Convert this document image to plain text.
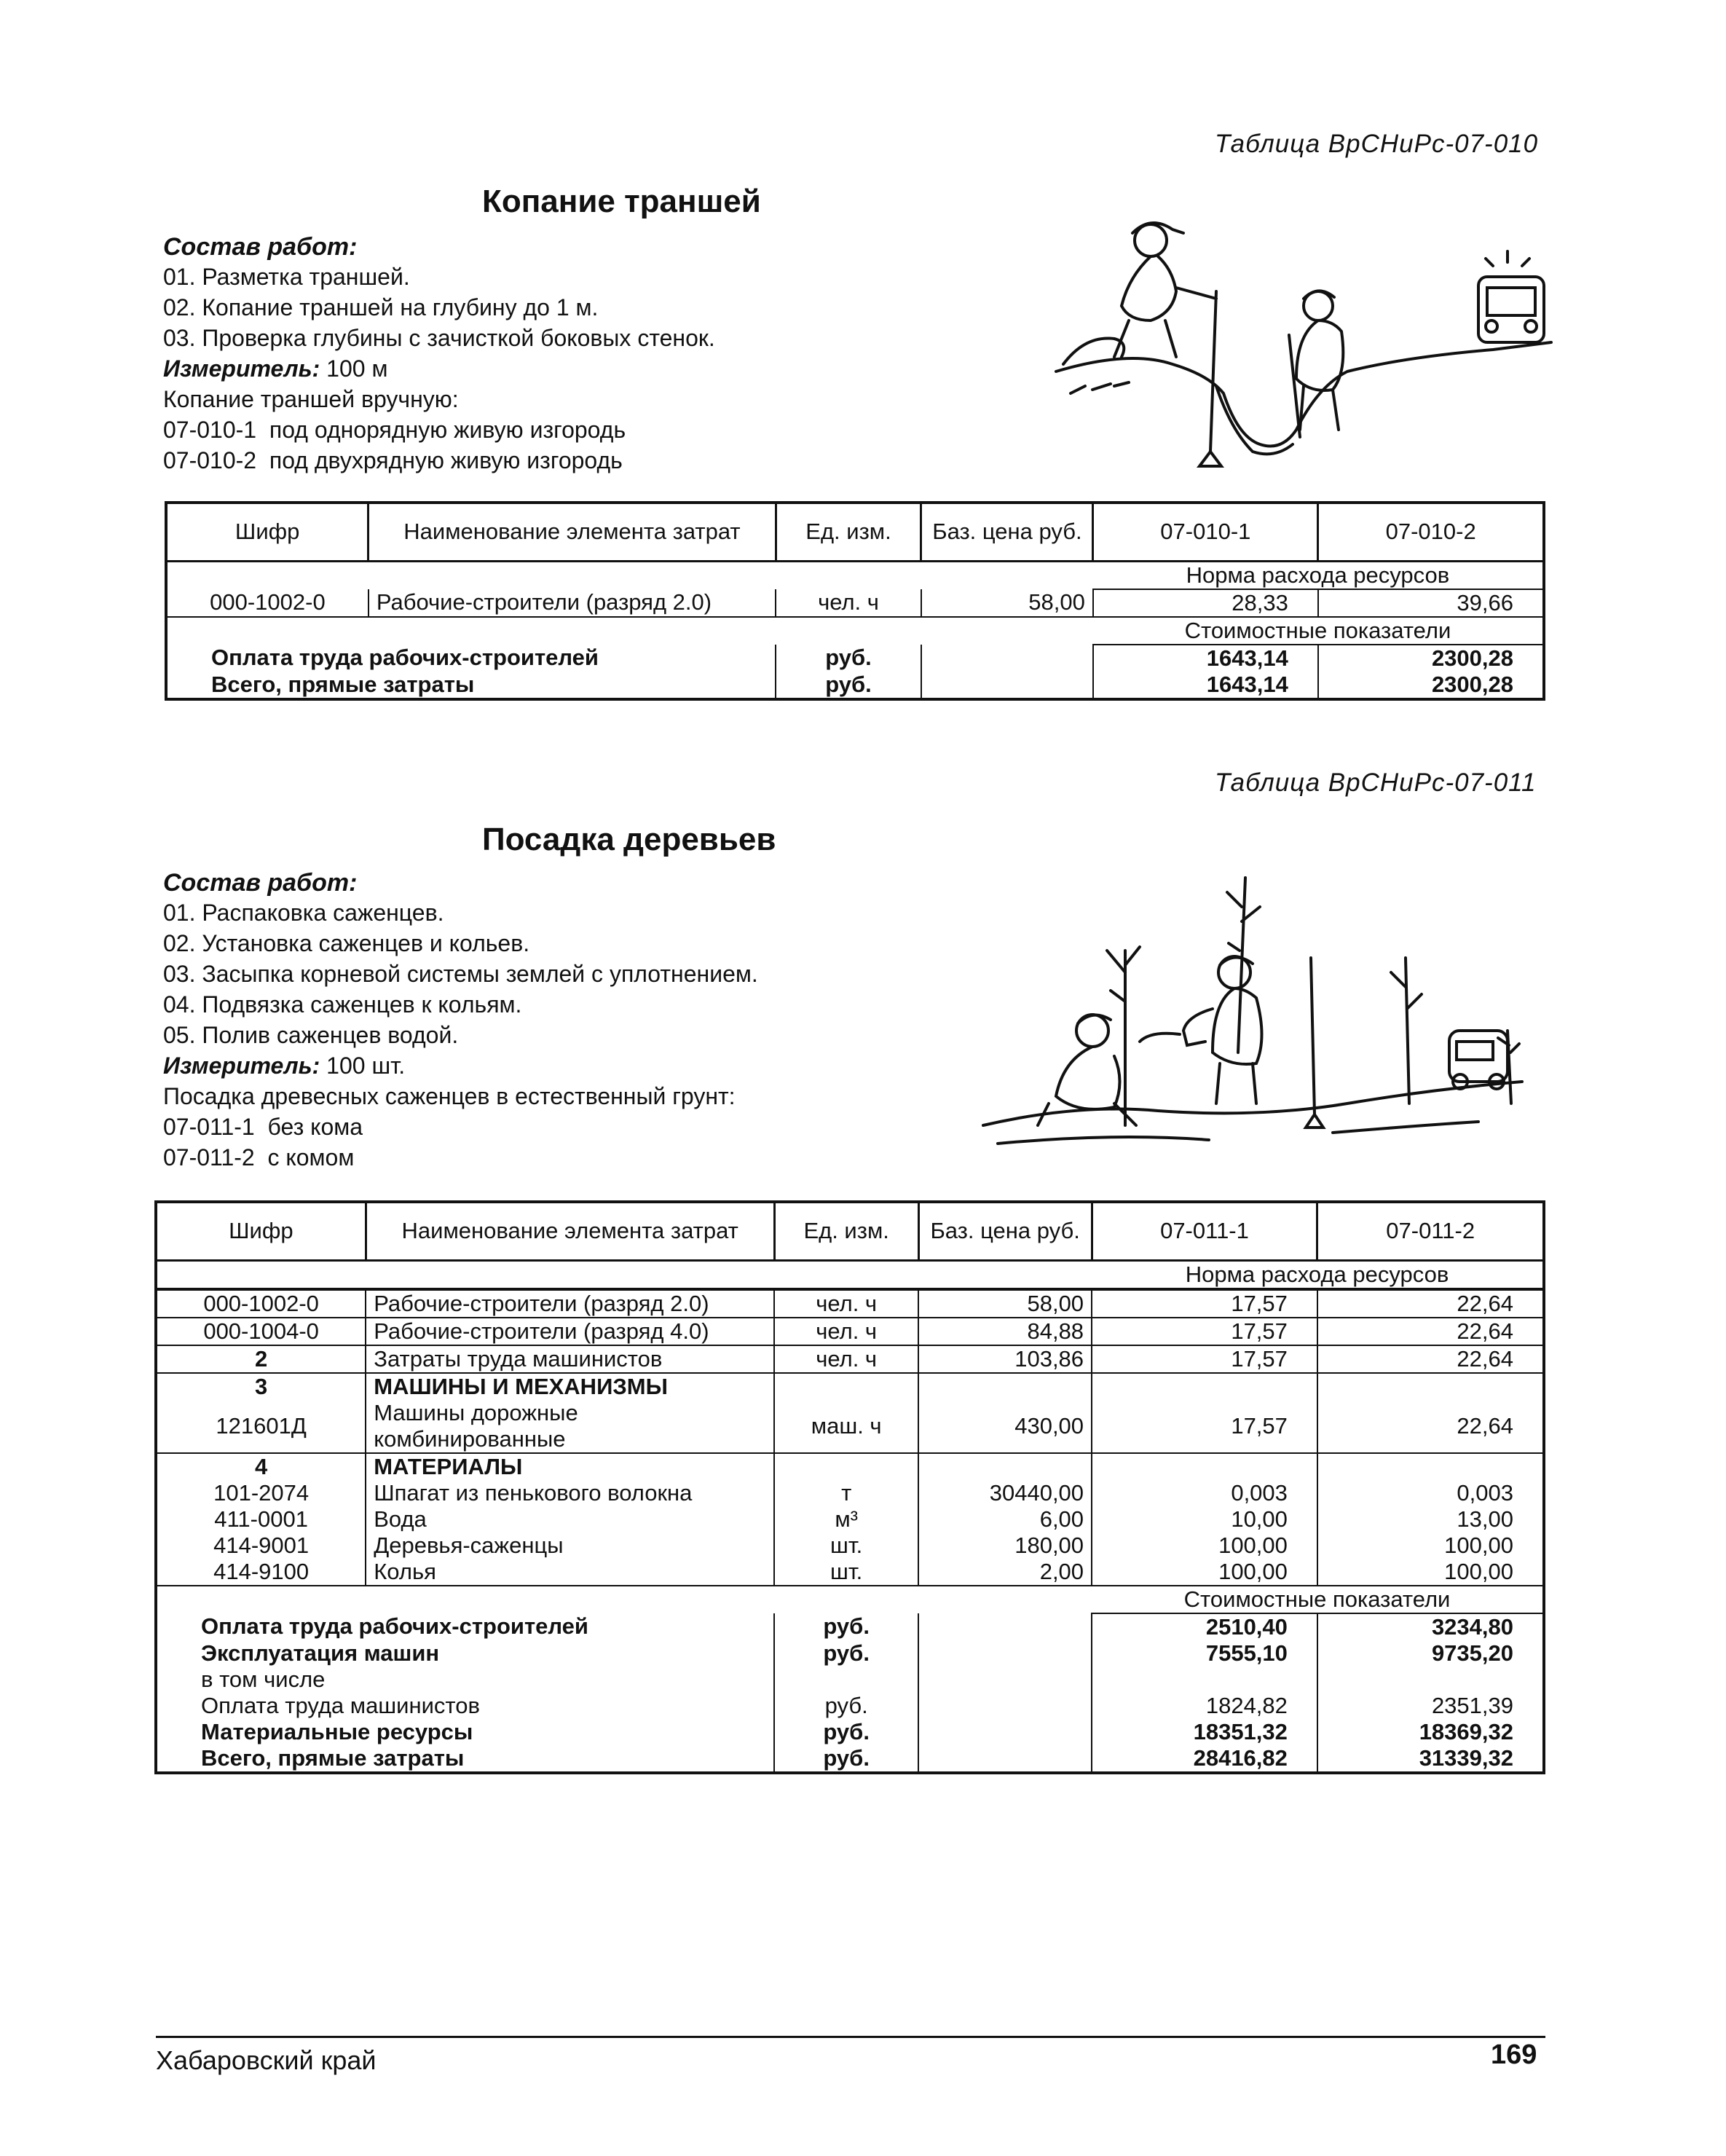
Таблица ВрСНиРс-07-010
Копание траншей
Состав работ:
01. Разметка траншей.
02. Копание траншей на глубину до 1 м.
03. Проверка глубины с зачисткой боковых стенок.
Измеритель: 100 м
Копание траншей вручную:
07-010-1  под однорядную живую изгородь
07-010-2  под двухрядную живую изгородь
Шифр	Наименование элемента затрат	Ед. изм.	Баз. цена руб.	07-010-1	07-010-2
				Норма расхода ресурсов	
000-1002-0	Рабочие-строители (разряд 2.0)	чел. ч	58,00	28,33	39,66
				Стоимостные показатели	
Оплата труда рабочих-строителей		руб.		1643,14	2300,28
Всего, прямые затраты		руб.		1643,14	2300,28
Таблица ВрСНиРс-07-011
Посадка деревьев
Состав работ:
01. Распаковка саженцев.
02. Установка саженцев и кольев.
03. Засыпка корневой системы землей с уплотнением.
04. Подвязка саженцев к кольям.
05. Полив саженцев водой.
Измеритель: 100 шт.
Посадка древесных саженцев в естественный грунт:
07-011-1  без кома
07-011-2  с комом
Шифр	Наименование элемента затрат	Ед. изм.	Баз. цена руб.	07-011-1	07-011-2
				Норма расхода ресурсов	
000-1002-0	Рабочие-строители (разряд 2.0)	чел. ч	58,00	17,57	22,64
000-1004-0	Рабочие-строители (разряд 4.0)	чел. ч	84,88	17,57	22,64
2	Затраты труда машинистов	чел. ч	103,86	17,57	22,64
3	МАШИНЫ И МЕХАНИЗМЫ				
121601Д	Машины дорожные комбинированные	маш. ч	430,00	17,57	22,64
4	МАТЕРИАЛЫ				
101-2074	Шпагат из пенькового волокна	т	30440,00	0,003	0,003
411-0001	Вода	м³	6,00	10,00	13,00
414-9001	Деревья-саженцы	шт.	180,00	100,00	100,00
414-9100	Колья	шт.	2,00	100,00	100,00
				Стоимостные показатели	
Оплата труда рабочих-строителей		руб.		2510,40	3234,80
Эксплуатация машин		руб.		7555,10	9735,20
в том числе					
Оплата труда машинистов		руб.		1824,82	2351,39
Материальные ресурсы		руб.		18351,32	18369,32
Всего, прямые затраты		руб.		28416,82	31339,32
Хабаровский край	169
